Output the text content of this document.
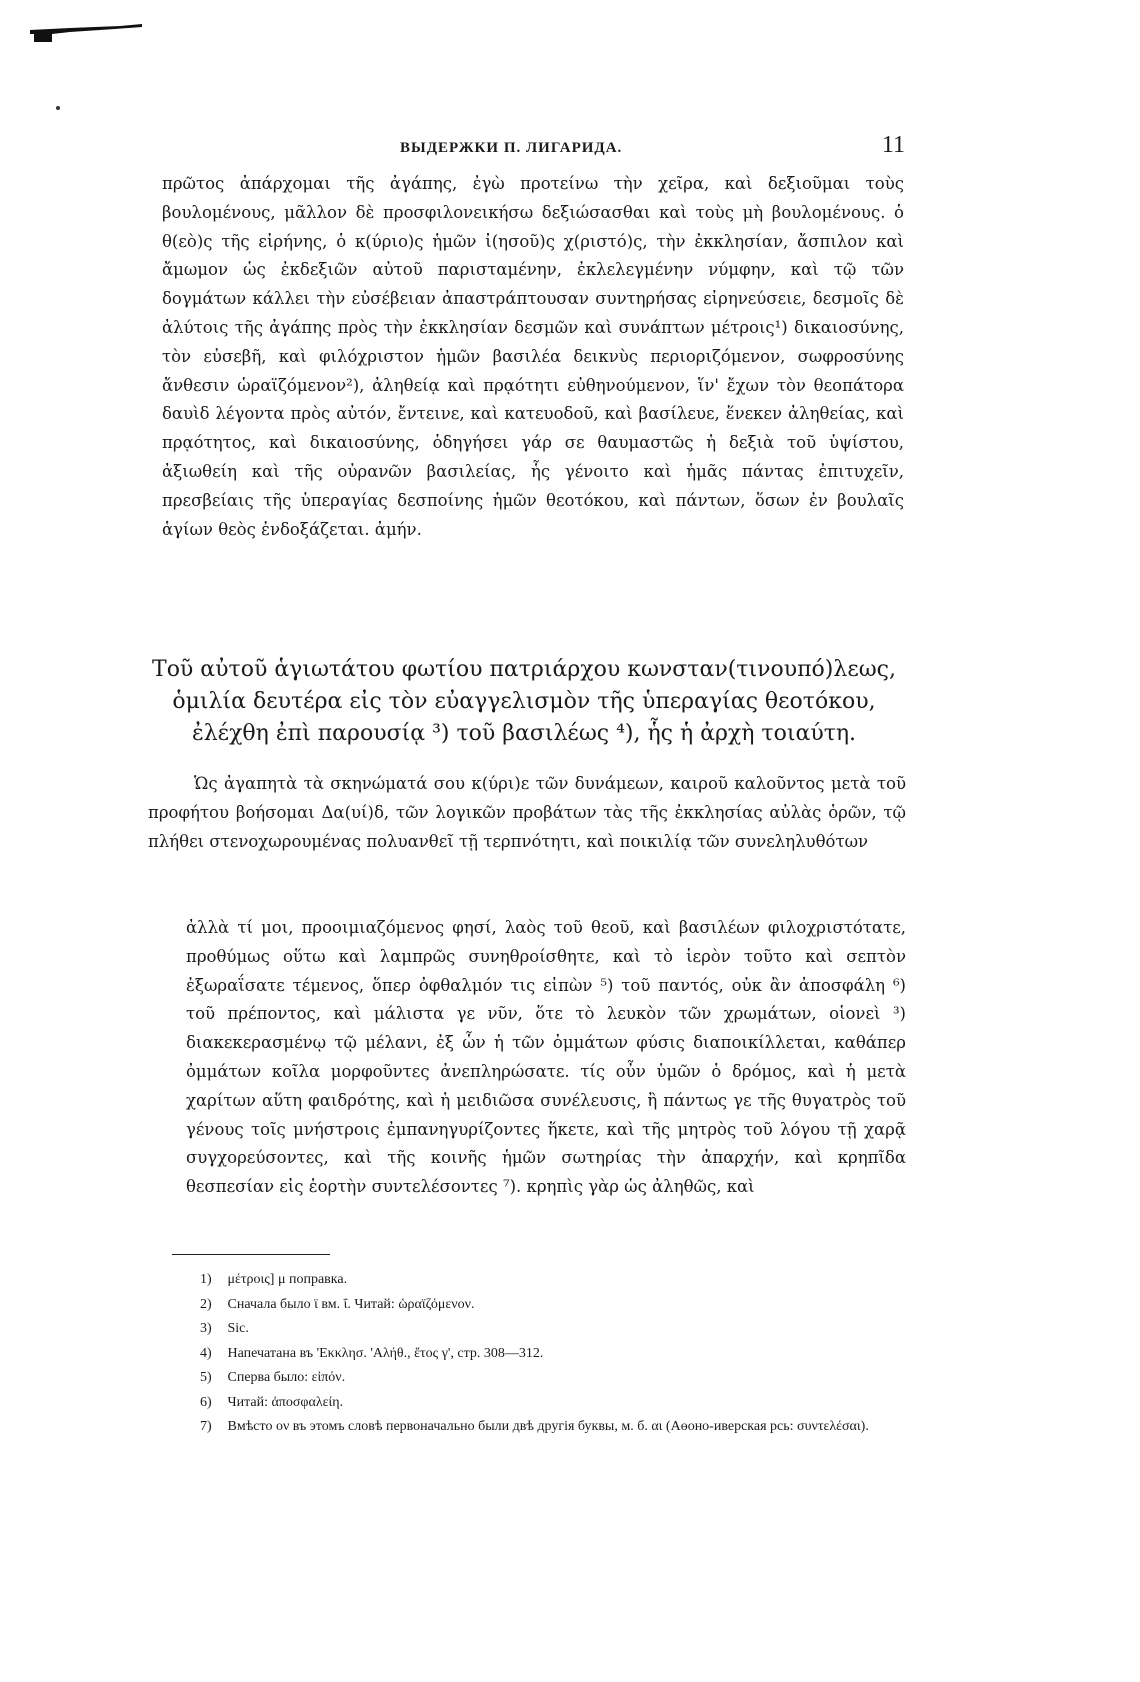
ВЫДЕРЖКИ П. ЛИГАРИДА.	11

πρῶτος ἀπάρχομαι τῆς ἀγάπης, ἐγὼ προτείνω τὴν χεῖρα, καὶ δεξιοῦμαι τοὺς βουλομένους, μᾶλλον δὲ προσφιλονεικήσω δεξιώσασθαι καὶ τοὺς μὴ βουλομένους. ὁ θ(εὸ)ς τῆς εἰρήνης, ὁ κ(ύριο)ς ἡμῶν ἰ(ησοῦ)ς χ(ριστό)ς, τὴν ἐκκλησίαν, ἄσπιλον καὶ ἄμωμον ὡς ἐκδεξιῶν αὐτοῦ παρισταμένην, ἐκλελεγμένην νύμφην, καὶ τῷ τῶν δογμάτων κάλλει τὴν εὐσέβειαν ἀπαστράπτουσαν συντηρήσας εἰρηνεύσειε, δεσμοῖς δὲ ἀλύτοις τῆς ἀγάπης πρὸς τὴν ἐκκλησίαν δεσμῶν καὶ συνάπτων μέτροις¹) δικαιοσύνης, τὸν εὐσεβῆ, καὶ φιλόχριστον ἡμῶν βασιλέα δεικνὺς περιοριζόμενον, σωφροσύνης ἄνθεσιν ὡραϊζόμενον²), ἀληθείᾳ καὶ πρᾳότητι εὐθηνούμενον, ἵν' ἔχων τὸν θεοπάτορα δαυὶδ λέγοντα πρὸς αὐτόν, ἔντεινε, καὶ κατευοδοῦ, καὶ βασίλευε, ἕνεκεν ἀληθείας, καὶ πρᾳότητος, καὶ δικαιοσύνης, ὁδηγήσει γάρ σε θαυμαστῶς ἡ δεξιὰ τοῦ ὑψίστου, ἀξιωθείη καὶ τῆς οὐρανῶν βασιλείας, ἧς γένοιτο καὶ ἡμᾶς πάντας ἐπιτυχεῖν, πρεσβείαις τῆς ὑπεραγίας δεσποίνης ἡμῶν θεοτόκου, καὶ πάντων, ὅσων ἐν βουλαῖς ἁγίων θεὸς ἐνδοξάζεται. ἀμήν.

Τοῦ αὐτοῦ ἁγιωτάτου φωτίου πατριάρχου κωνσταν(τινουπό)λεως, ὁμιλία δευτέρα εἰς τὸν εὐαγγελισμὸν τῆς ὑπεραγίας θεοτόκου, ἐλέχθη ἐπὶ παρουσίᾳ ³) τοῦ βασιλέως ⁴), ἧς ἡ ἀρχὴ τοιαύτη.

Ὡς ἀγαπητὰ τὰ σκηνώματά σου κ(ύρι)ε τῶν δυνάμεων, καιροῦ καλοῦντος μετὰ τοῦ προφήτου βοήσομαι Δα(υί)δ, τῶν λογικῶν προβάτων τὰς τῆς ἐκκλησίας αὐλὰς ὁρῶν, τῷ πλήθει στενοχωρουμένας πολυανθεῖ τῇ τερπνότητι, καὶ ποικιλίᾳ τῶν συνεληλυθότων

ἀλλὰ τί μοι, προοιμιαζόμενος φησί, λαὸς τοῦ θεοῦ, καὶ βασιλέων φιλοχριστότατε, προθύμως οὕτω καὶ λαμπρῶς συνηθροίσθητε, καὶ τὸ ἱερὸν τοῦτο καὶ σεπτὸν ἐξωραΐσατε τέμενος, ὅπερ ὀφθαλμόν τις εἰπὼν ⁵) τοῦ παντός, οὐκ ἂν ἀποσφάλη ⁶) τοῦ πρέποντος, καὶ μάλιστα γε νῦν, ὅτε τὸ λευκὸν τῶν χρωμάτων, οἱονεὶ ³) διακεκερασμένῳ τῷ μέλανι, ἐξ ὧν ἡ τῶν ὀμμάτων φύσις διαποικίλλεται, καθάπερ ὀμμάτων κοῖλα μορφοῦντες ἀνεπληρώσατε. τίς οὖν ὑμῶν ὁ δρόμος, καὶ ἡ μετὰ χαρίτων αὕτη φαιδρότης, καὶ ἡ μειδιῶσα συνέλευσις, ἢ πάντως γε τῆς θυγατρὸς τοῦ γένους τοῖς μνήστροις ἐμπανηγυρίζοντες ἥκετε, καὶ τῆς μητρὸς τοῦ λόγου τῇ χαρᾷ συγχορεύσοντες, καὶ τῆς κοινῆς ἡμῶν σωτηρίας τὴν ἀπαρχήν, καὶ κρηπῖδα θεσπεσίαν εἰς ἑορτὴν συντελέσοντες ⁷). κρηπὶς γὰρ ὡς ἀληθῶς, καὶ

1) μέτροις] μ поправка.
2) Сначала было ϊ вм. ΐ. Читай: ὡραϊζόμενον.
3) Sic.
4) Напечатана въ 'Εκκλησ. 'Αλήθ., ἔτος γ', стр. 308—312.
5) Сперва было: εἰπόν.
6) Читай: ἀποσφαλείη.
7) Вмѣсто ον въ этомъ словѣ первоначально были двѣ другія буквы, м. б. αι (Аѳоно-иверская рсь: συντελέσαι).
